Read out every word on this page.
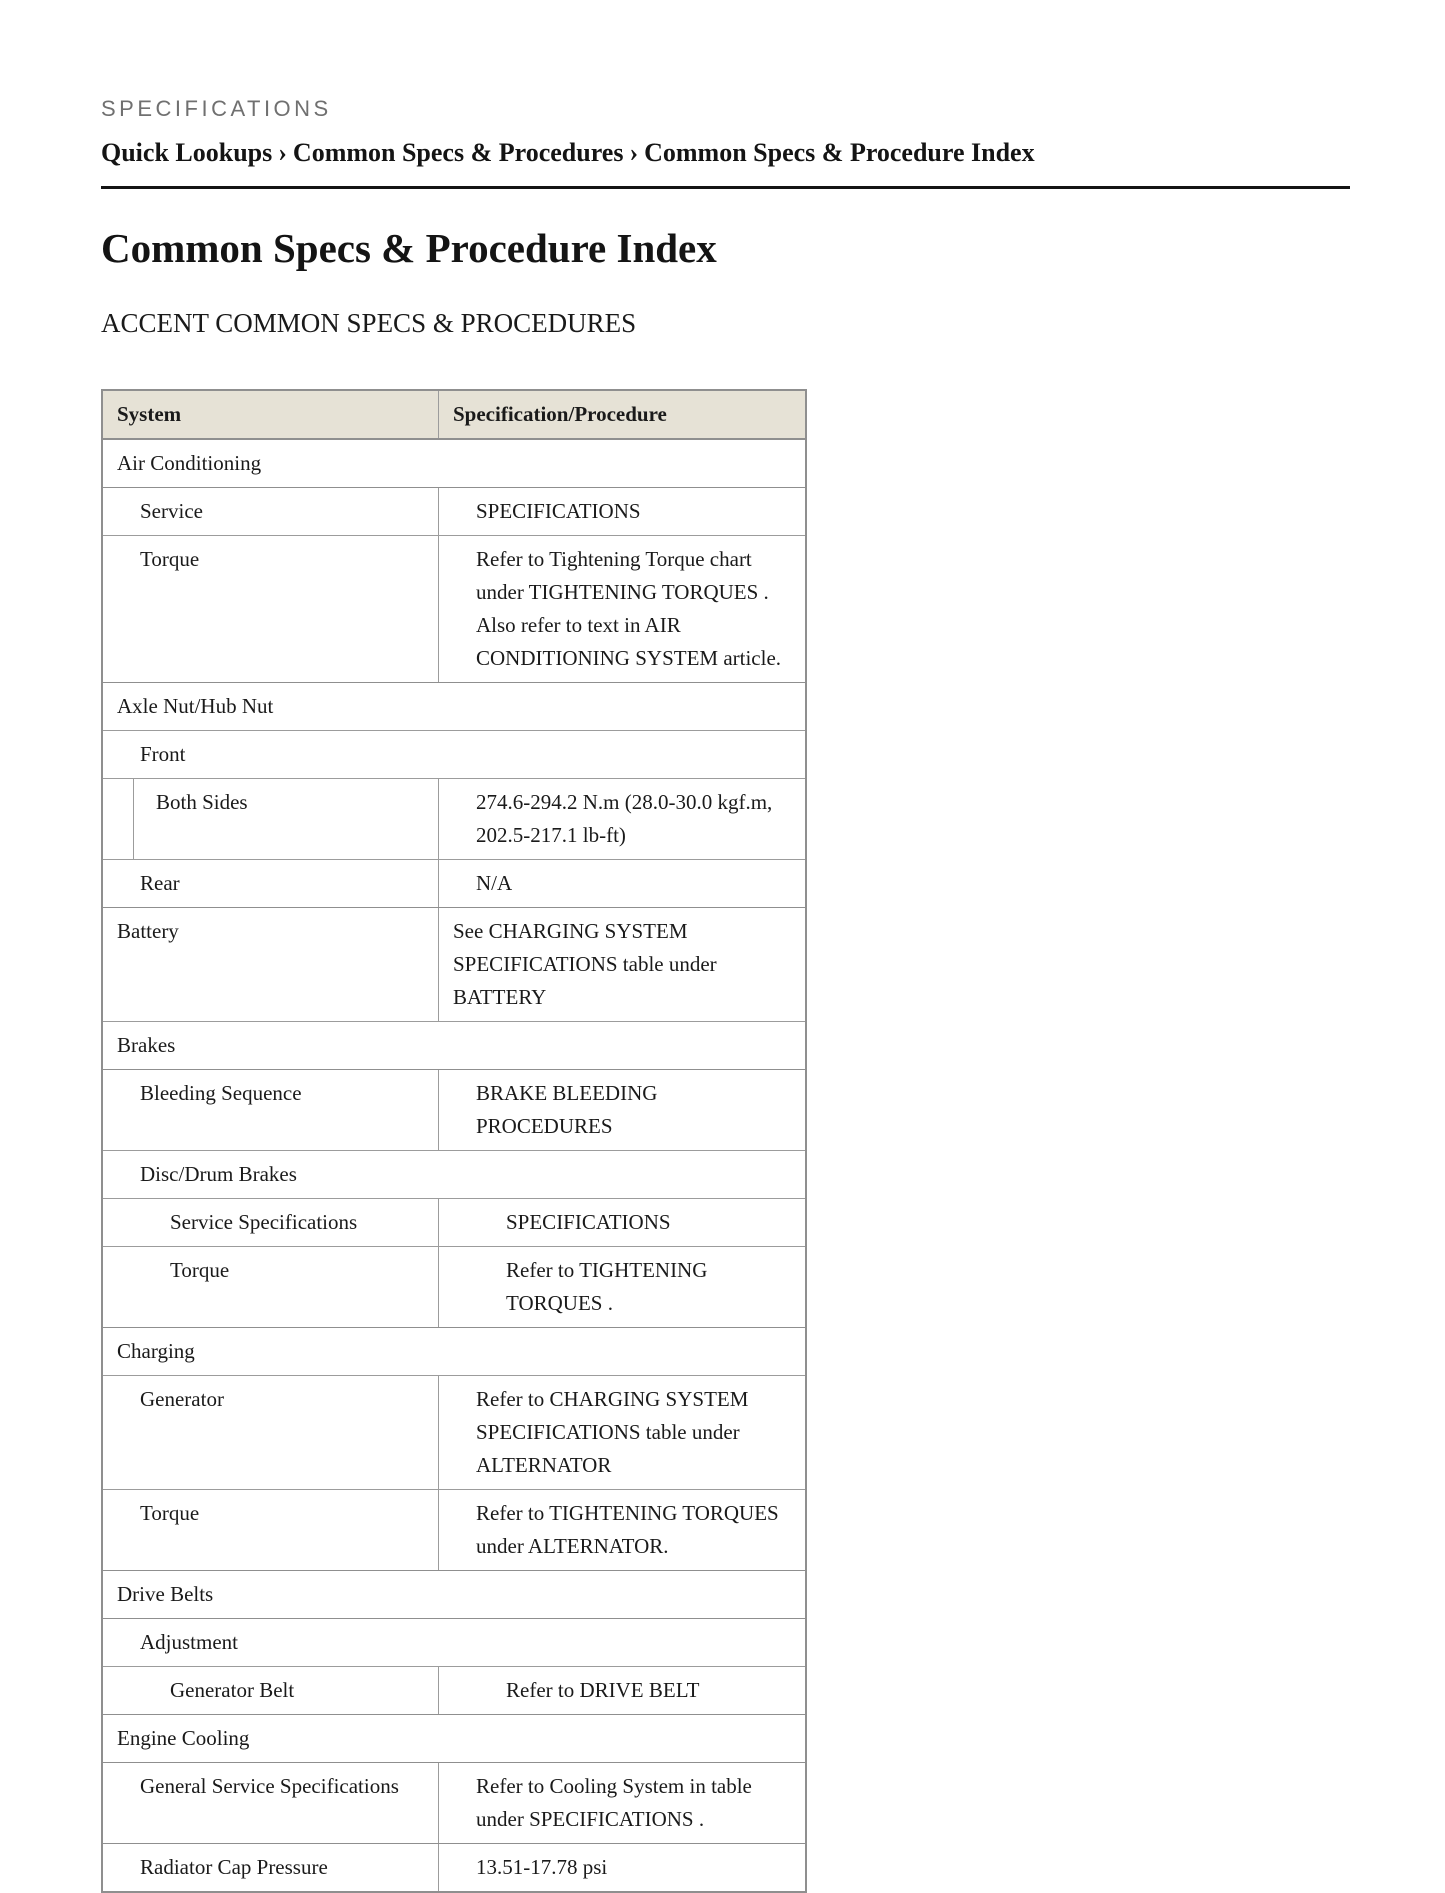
SPECIFICATIONS
Quick Lookups › Common Specs & Procedures › Common Specs & Procedure Index
Common Specs & Procedure Index
ACCENT COMMON SPECS & PROCEDURES
System	Specification/Procedure
Air Conditioning	
Service	SPECIFICATIONS
Torque	Refer to Tightening Torque chart under TIGHTENING TORQUES . Also refer to text in AIR CONDITIONING SYSTEM article.
Axle Nut/Hub Nut	
Front	

Both Sides	274.6-294.2 N.m (28.0-30.0 kgf.m, 202.5-217.1 lb-ft)
Rear	N/A
Battery	See CHARGING SYSTEM SPECIFICATIONS table under BATTERY
Brakes	
Bleeding Sequence	BRAKE BLEEDING PROCEDURES
Disc/Drum Brakes	
Service Specifications	SPECIFICATIONS
Torque	Refer to TIGHTENING TORQUES .
Charging	
Generator	Refer to CHARGING SYSTEM SPECIFICATIONS table under ALTERNATOR
Torque	Refer to TIGHTENING TORQUES under ALTERNATOR.
Drive Belts	
Adjustment	
Generator Belt	Refer to DRIVE BELT
Engine Cooling	
General Service Specifications	Refer to Cooling System in table under SPECIFICATIONS .
Radiator Cap Pressure	13.51-17.78 psi
